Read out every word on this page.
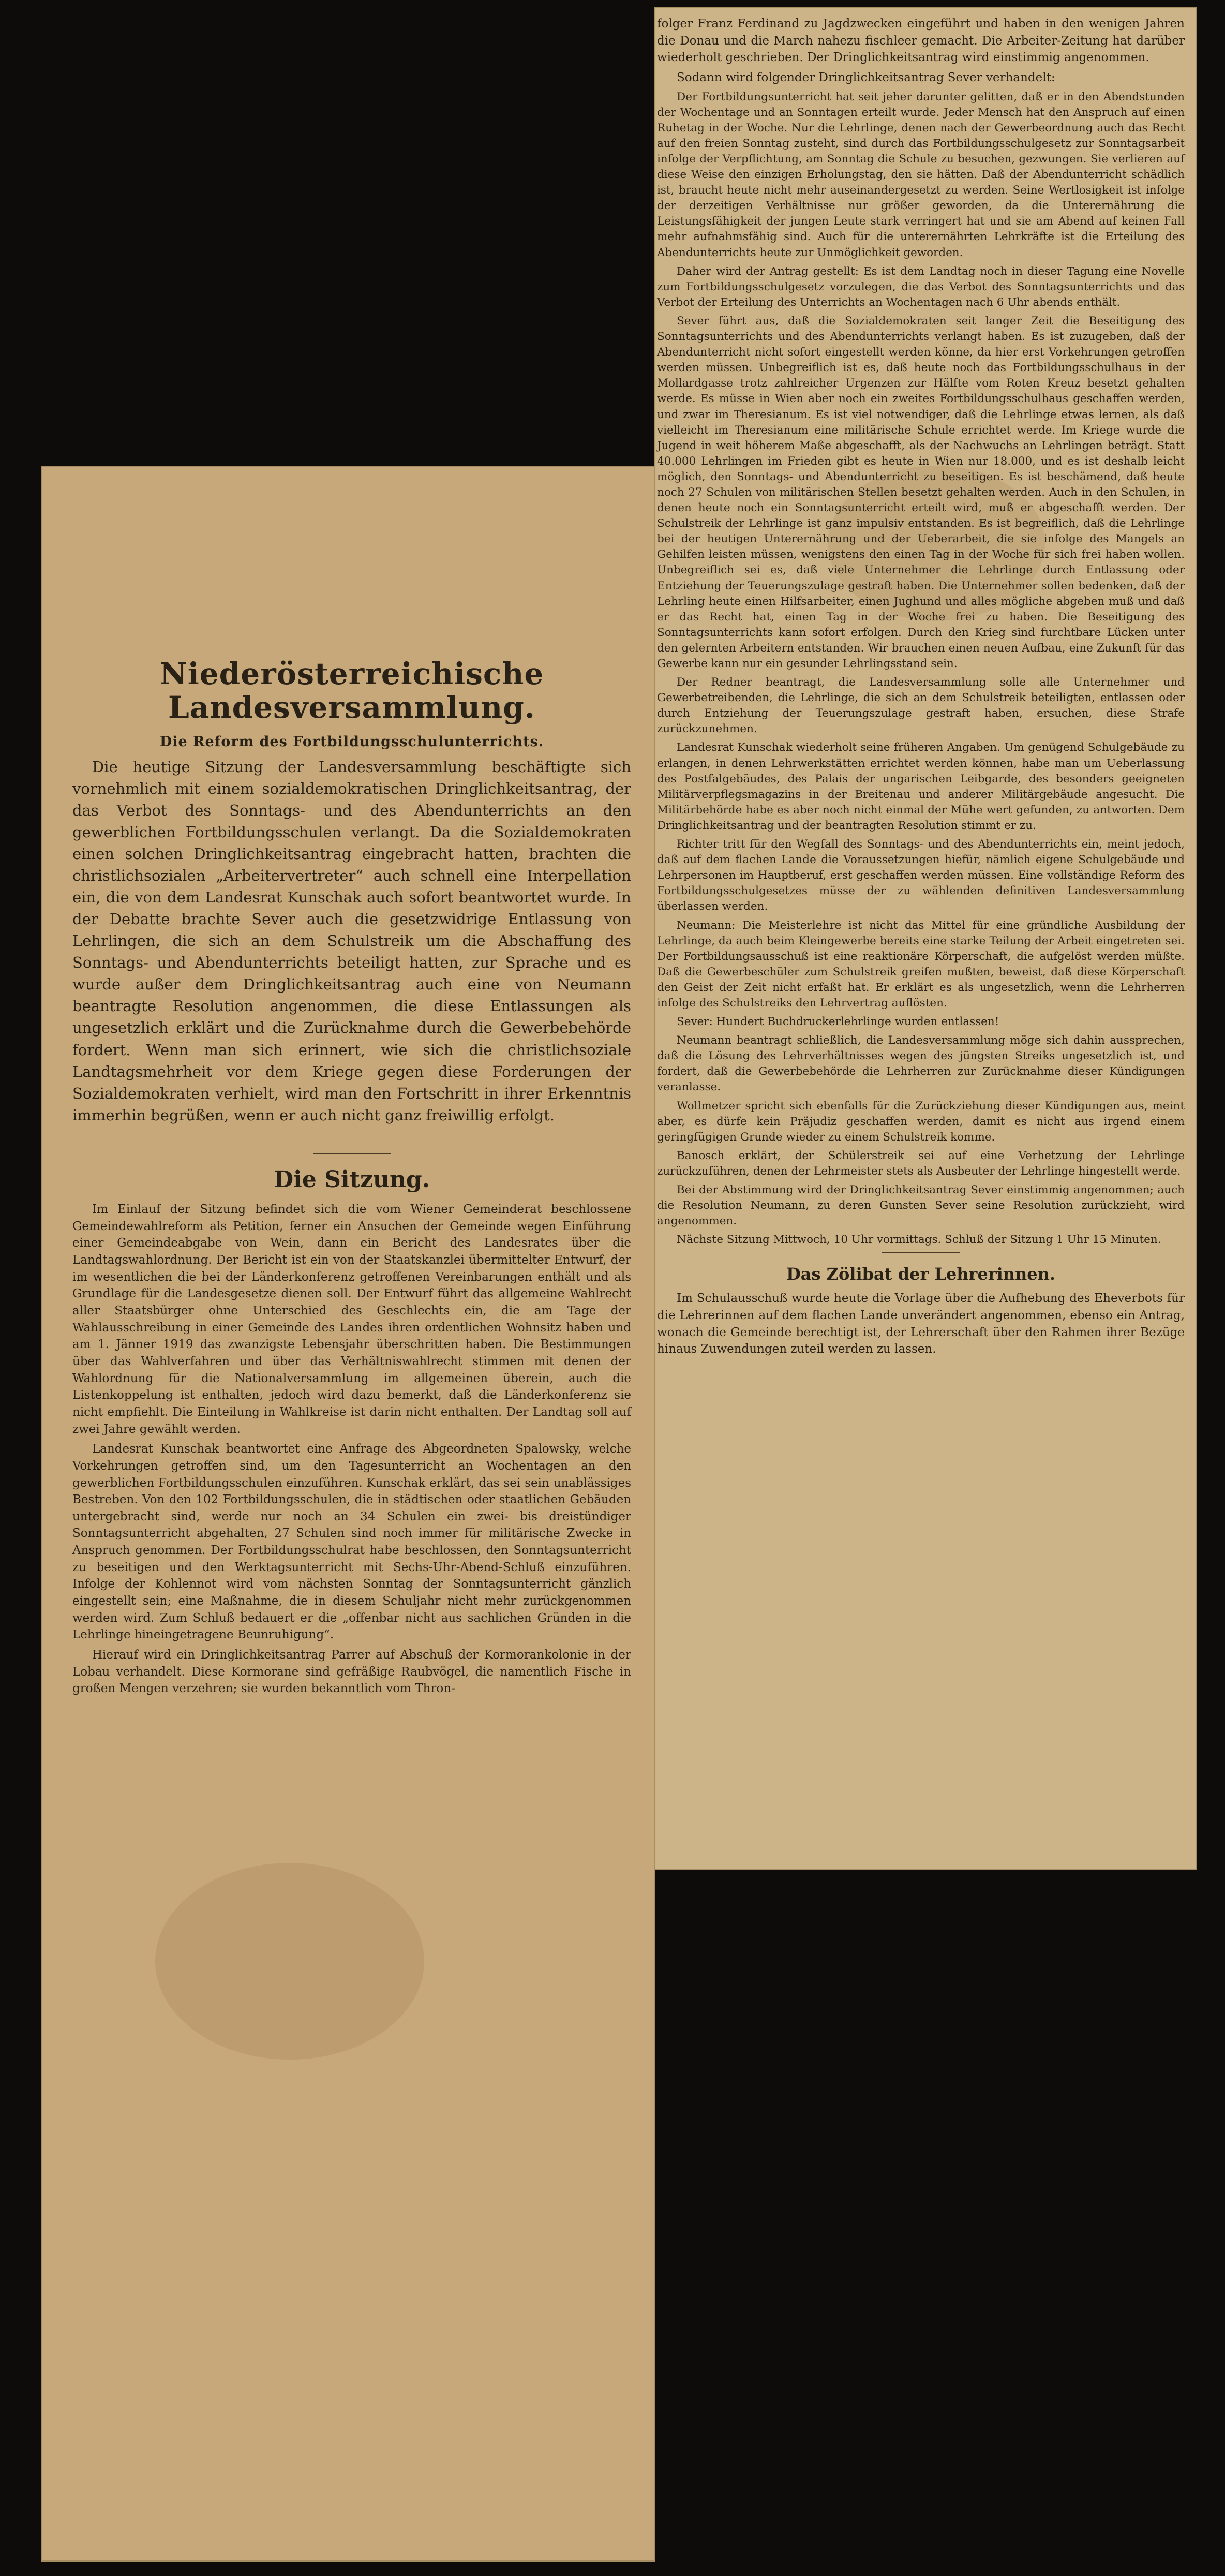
Niederösterreichische Landesversammlung.
Die Reform des Fortbildungsschulunterrichts.

Die heutige Sitzung der Landesversammlung beschäftigte sich vornehmlich mit einem sozialdemokratischen Dringlichkeitsantrag, der das Verbot des Sonntags- und des Abendunterrichts an den gewerblichen Fortbildungsschulen verlangt. Da die Sozialdemokraten einen solchen Dringlichkeitsantrag eingebracht hatten, brachten die christlichsozialen „Arbeitervertreter“ auch schnell eine Interpellation ein, die von dem Landesrat Kunschak auch sofort beantwortet wurde. In der Debatte brachte Sever auch die gesetzwidrige Entlassung von Lehrlingen, die sich an dem Schulstreik um die Abschaffung des Sonntags- und Abendunterrichts beteiligt hatten, zur Sprache und es wurde außer dem Dringlichkeitsantrag auch eine von Neumann beantragte Resolution angenommen, die diese Entlassungen als ungesetzlich erklärt und die Zurücknahme durch die Gewerbebehörde fordert. Wenn man sich erinnert, wie sich die christlichsoziale Landtagsmehrheit vor dem Kriege gegen diese Forderungen der Sozialdemokraten verhielt, wird man den Fortschritt in ihrer Erkenntnis immerhin begrüßen, wenn er auch nicht ganz freiwillig erfolgt.

Die Sitzung.

Im Einlauf der Sitzung befindet sich die vom Wiener Gemeinderat beschlossene Gemeindewahlreform als Petition, ferner ein Ansuchen der Gemeinde wegen Einführung einer Gemeindeabgabe von Wein, dann ein Bericht des Landesrates über die Landtagswahlordnung. Der Bericht ist ein von der Staatskanzlei übermittelter Entwurf, der im wesentlichen die bei der Länderkonferenz getroffenen Vereinbarungen enthält und als Grundlage für die Landesgesetze dienen soll. Der Entwurf führt das allgemeine Wahlrecht aller Staatsbürger ohne Unterschied des Geschlechts ein, die am Tage der Wahlausschreibung in einer Gemeinde des Landes ihren ordentlichen Wohnsitz haben und am 1. Jänner 1919 das zwanzigste Lebensjahr überschritten haben. Die Bestimmungen über das Wahlverfahren und über das Verhältniswahlrecht stimmen mit denen der Wahlordnung für die Nationalversammlung im allgemeinen überein, auch die Listenkoppelung ist enthalten, jedoch wird dazu bemerkt, daß die Länderkonferenz sie nicht empfiehlt. Die Einteilung in Wahlkreise ist darin nicht enthalten. Der Landtag soll auf zwei Jahre gewählt werden.

Landesrat Kunschak beantwortet eine Anfrage des Abgeordneten Spalowsky, welche Vorkehrungen getroffen sind, um den Tagesunterricht an Wochentagen an den gewerblichen Fortbildungsschulen einzuführen. Kunschak erklärt, das sei sein unablässiges Bestreben. Von den 102 Fortbildungsschulen, die in städtischen oder staatlichen Gebäuden untergebracht sind, werde nur noch an 34 Schulen ein zwei- bis dreistündiger Sonntagsunterricht abgehalten, 27 Schulen sind noch immer für militärische Zwecke in Anspruch genommen. Der Fortbildungsschulrat habe beschlossen, den Sonntagsunterricht zu beseitigen und den Werktagsunterricht mit Sechs-Uhr-Abend-Schluß einzuführen. Infolge der Kohlennot wird vom nächsten Sonntag der Sonntagsunterricht gänzlich eingestellt sein; eine Maßnahme, die in diesem Schuljahr nicht mehr zurückgenommen werden wird. Zum Schluß bedauert er die „offenbar nicht aus sachlichen Gründen in die Lehrlinge hineingetragene Beunruhigung“.

Hierauf wird ein Dringlichkeitsantrag Parrer auf Abschuß der Kormorankolonie in der Lobau verhandelt. Diese Kormorane sind gefräßige Raubvögel, die namentlich Fische in großen Mengen verzehren; sie wurden bekanntlich vom Thron-

folger Franz Ferdinand zu Jagdzwecken eingeführt und haben in den wenigen Jahren die Donau und die March nahezu fischleer gemacht. Die Arbeiter-Zeitung hat darüber wiederholt geschrieben. Der Dringlichkeitsantrag wird einstimmig angenommen.

Sodann wird folgender Dringlichkeitsantrag Sever verhandelt:

Der Fortbildungsunterricht hat seit jeher darunter gelitten, daß er in den Abendstunden der Wochentage und an Sonntagen erteilt wurde. Jeder Mensch hat den Anspruch auf einen Ruhetag in der Woche. Nur die Lehrlinge, denen nach der Gewerbeordnung auch das Recht auf den freien Sonntag zusteht, sind durch das Fortbildungsschulgesetz zur Sonntagsarbeit infolge der Verpflichtung, am Sonntag die Schule zu besuchen, gezwungen. Sie verlieren auf diese Weise den einzigen Erholungstag, den sie hätten. Daß der Abendunterricht schädlich ist, braucht heute nicht mehr auseinandergesetzt zu werden. Seine Wertlosigkeit ist infolge der derzeitigen Verhältnisse nur größer geworden, da die Unterernährung die Leistungsfähigkeit der jungen Leute stark verringert hat und sie am Abend auf keinen Fall mehr aufnahmsfähig sind. Auch für die unterernährten Lehrkräfte ist die Erteilung des Abendunterrichts heute zur Unmöglichkeit geworden.

Daher wird der Antrag gestellt: Es ist dem Landtag noch in dieser Tagung eine Novelle zum Fortbildungsschulgesetz vorzulegen, die das Verbot des Sonntagsunterrichts und das Verbot der Erteilung des Unterrichts an Wochentagen nach 6 Uhr abends enthält.

Sever führt aus, daß die Sozialdemokraten seit langer Zeit die Beseitigung des Sonntagsunterrichts und des Abendunterrichts verlangt haben. Es ist zuzugeben, daß der Abendunterricht nicht sofort eingestellt werden könne, da hier erst Vorkehrungen getroffen werden müssen. Unbegreiflich ist es, daß heute noch das Fortbildungsschulhaus in der Mollardgasse trotz zahlreicher Urgenzen zur Hälfte vom Roten Kreuz besetzt gehalten werde. Es müsse in Wien aber noch ein zweites Fortbildungsschulhaus geschaffen werden, und zwar im Theresianum. Es ist viel notwendiger, daß die Lehrlinge etwas lernen, als daß vielleicht im Theresianum eine militärische Schule errichtet werde. Im Kriege wurde die Jugend in weit höherem Maße abgeschafft, als der Nachwuchs an Lehrlingen beträgt. Statt 40.000 Lehrlingen im Frieden gibt es heute in Wien nur 18.000, und es ist deshalb leicht möglich, den Sonntags- und Abendunterricht zu beseitigen. Es ist beschämend, daß heute noch 27 Schulen von militärischen Stellen besetzt gehalten werden. Auch in den Schulen, in denen heute noch ein Sonntagsunterricht erteilt wird, muß er abgeschafft werden. Der Schulstreik der Lehrlinge ist ganz impulsiv entstanden. Es ist begreiflich, daß die Lehrlinge bei der heutigen Unterernährung und der Ueberarbeit, die sie infolge des Mangels an Gehilfen leisten müssen, wenigstens den einen Tag in der Woche für sich frei haben wollen. Unbegreiflich sei es, daß viele Unternehmer die Lehrlinge durch Entlassung oder Entziehung der Teuerungszulage gestraft haben. Die Unternehmer sollen bedenken, daß der Lehrling heute einen Hilfsarbeiter, einen Jughund und alles mögliche abgeben muß und daß er das Recht hat, einen Tag in der Woche frei zu haben. Die Beseitigung des Sonntagsunterrichts kann sofort erfolgen. Durch den Krieg sind furchtbare Lücken unter den gelernten Arbeitern entstanden. Wir brauchen einen neuen Aufbau, eine Zukunft für das Gewerbe kann nur ein gesunder Lehrlingsstand sein.

Der Redner beantragt, die Landesversammlung solle alle Unternehmer und Gewerbetreibenden, die Lehrlinge, die sich an dem Schulstreik beteiligten, entlassen oder durch Entziehung der Teuerungszulage gestraft haben, ersuchen, diese Strafe zurückzunehmen.

Landesrat Kunschak wiederholt seine früheren Angaben. Um genügend Schulgebäude zu erlangen, in denen Lehrwerkstätten errichtet werden können, habe man um Ueberlassung des Postfalgebäudes, des Palais der ungarischen Leibgarde, des besonders geeigneten Militärverpflegsmagazins in der Breitenau und anderer Militärgebäude angesucht. Die Militärbehörde habe es aber noch nicht einmal der Mühe wert gefunden, zu antworten. Dem Dringlichkeitsantrag und der beantragten Resolution stimmt er zu.

Richter tritt für den Wegfall des Sonntags- und des Abendunterrichts ein, meint jedoch, daß auf dem flachen Lande die Voraussetzungen hiefür, nämlich eigene Schulgebäude und Lehrpersonen im Hauptberuf, erst geschaffen werden müssen. Eine vollständige Reform des Fortbildungsschulgesetzes müsse der zu wählenden definitiven Landesversammlung überlassen werden.

Neumann: Die Meisterlehre ist nicht das Mittel für eine gründliche Ausbildung der Lehrlinge, da auch beim Kleingewerbe bereits eine starke Teilung der Arbeit eingetreten sei. Der Fortbildungsausschuß ist eine reaktionäre Körperschaft, die aufgelöst werden müßte. Daß die Gewerbeschüler zum Schulstreik greifen mußten, beweist, daß diese Körperschaft den Geist der Zeit nicht erfaßt hat. Er erklärt es als ungesetzlich, wenn die Lehrherren infolge des Schulstreiks den Lehrvertrag auflösten.

Sever: Hundert Buchdruckerlehrlinge wurden entlassen!

Neumann beantragt schließlich, die Landesversammlung möge sich dahin aussprechen, daß die Lösung des Lehrverhältnisses wegen des jüngsten Streiks ungesetzlich ist, und fordert, daß die Gewerbebehörde die Lehrherren zur Zurücknahme dieser Kündigungen veranlasse.

Wollmetzer spricht sich ebenfalls für die Zurückziehung dieser Kündigungen aus, meint aber, es dürfe kein Präjudiz geschaffen werden, damit es nicht aus irgend einem geringfügigen Grunde wieder zu einem Schulstreik komme.

Banosch erklärt, der Schülerstreik sei auf eine Verhetzung der Lehrlinge zurückzuführen, denen der Lehrmeister stets als Ausbeuter der Lehrlinge hingestellt werde.

Bei der Abstimmung wird der Dringlichkeitsantrag Sever einstimmig angenommen; auch die Resolution Neumann, zu deren Gunsten Sever seine Resolution zurückzieht, wird angenommen.

Nächste Sitzung Mittwoch, 10 Uhr vormittags. Schluß der Sitzung 1 Uhr 15 Minuten.

Das Zölibat der Lehrerinnen.

Im Schulausschuß wurde heute die Vorlage über die Aufhebung des Eheverbots für die Lehrerinnen auf dem flachen Lande unverändert angenommen, ebenso ein Antrag, wonach die Gemeinde berechtigt ist, der Lehrerschaft über den Rahmen ihrer Bezüge hinaus Zuwendungen zuteil werden zu lassen.
